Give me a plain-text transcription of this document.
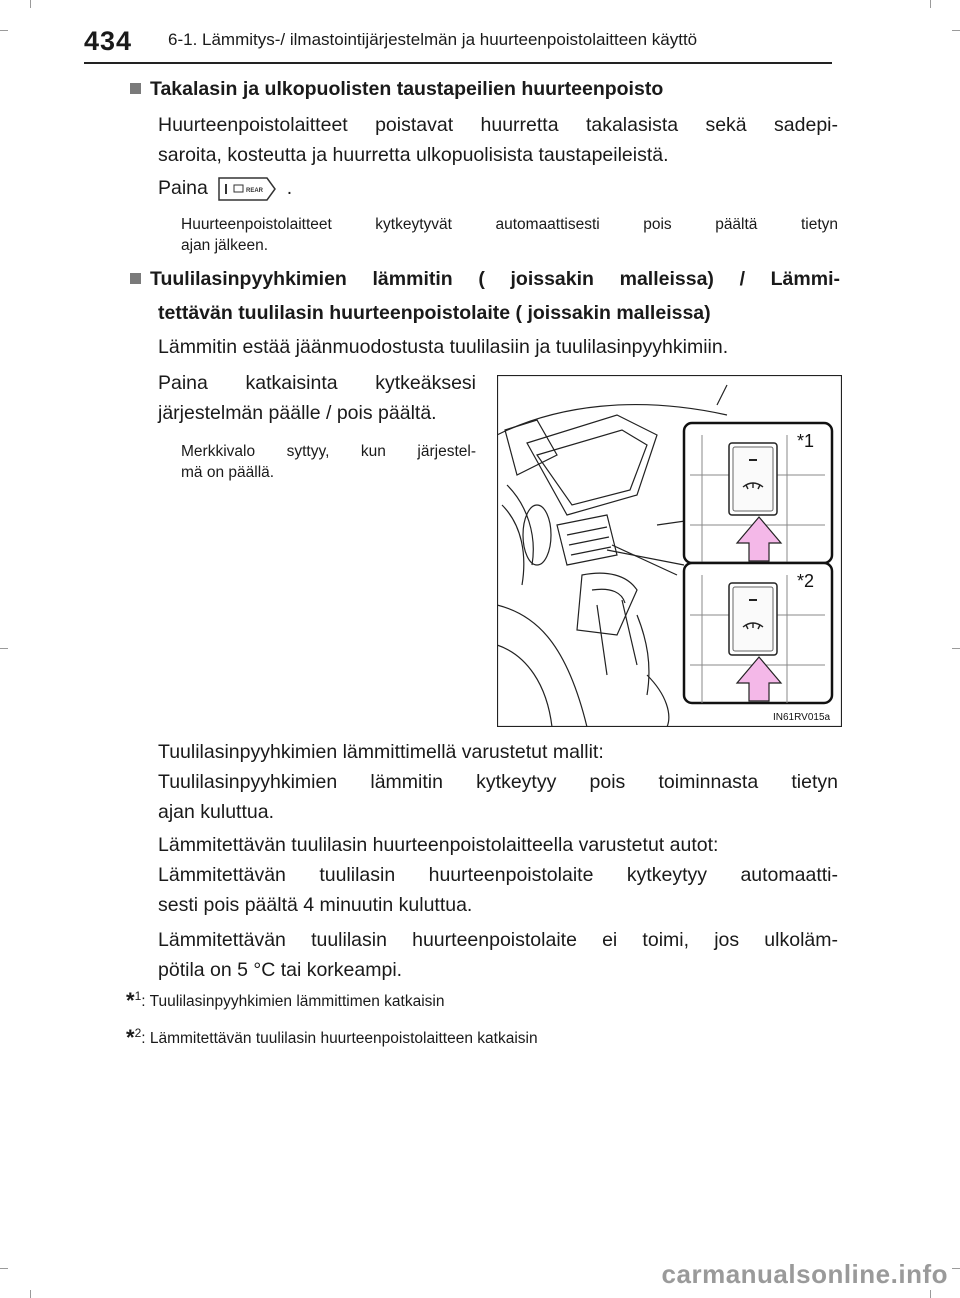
434 6-1. Lämmitys-/ ilmastointijärjestelmän ja huurteenpoistolaitteen käyttö
Takalasin ja ulkopuolisten taustapeilien huurteenpoisto
Huurteenpoistolaitteet poistavat huurretta takalasista sekä sadepi-
saroita, kosteutta ja huurretta ulkopuolisista taustapeileistä.
Paina	REAR .
Huurteenpoistolaitteet kytkeytyvät automaattisesti pois päältä tietyn
ajan jälkeen.
Tuulilasinpyyhkimien lämmitin ( joissakin malleissa) / Lämmi-
tettävän tuulilasin huurteenpoistolaite ( joissakin malleissa)
Lämmitin estää jäänmuodostusta tuulilasiin ja tuulilasinpyyhkimiin.
Paina katkaisinta kytkeäksesi
järjestelmän päälle / pois päältä.
Merkkivalo syttyy, kun järjestel-
mä on päällä.
*1
*2
IN61RV015a
Tuulilasinpyyhkimien lämmittimellä varustetut mallit:
Tuulilasinpyyhkimien lämmitin kytkeytyy pois toiminnasta tietyn
ajan kuluttua.
Lämmitettävän tuulilasin huurteenpoistolaitteella varustetut autot:
Lämmitettävän tuulilasin huurteenpoistolaite kytkeytyy automaatti-
sesti pois päältä 4 minuutin kuluttua.
Lämmitettävän tuulilasin huurteenpoistolaite ei toimi, jos ulkoläm-
pötila on 5 °C tai korkeampi.
*$^1$: Tuulilasinpyyhkimien lämmittimen katkaisin
*$^2$: Lämmitettävän tuulilasin huurteenpoistolaitteen katkaisin
carmanualsonline.info
